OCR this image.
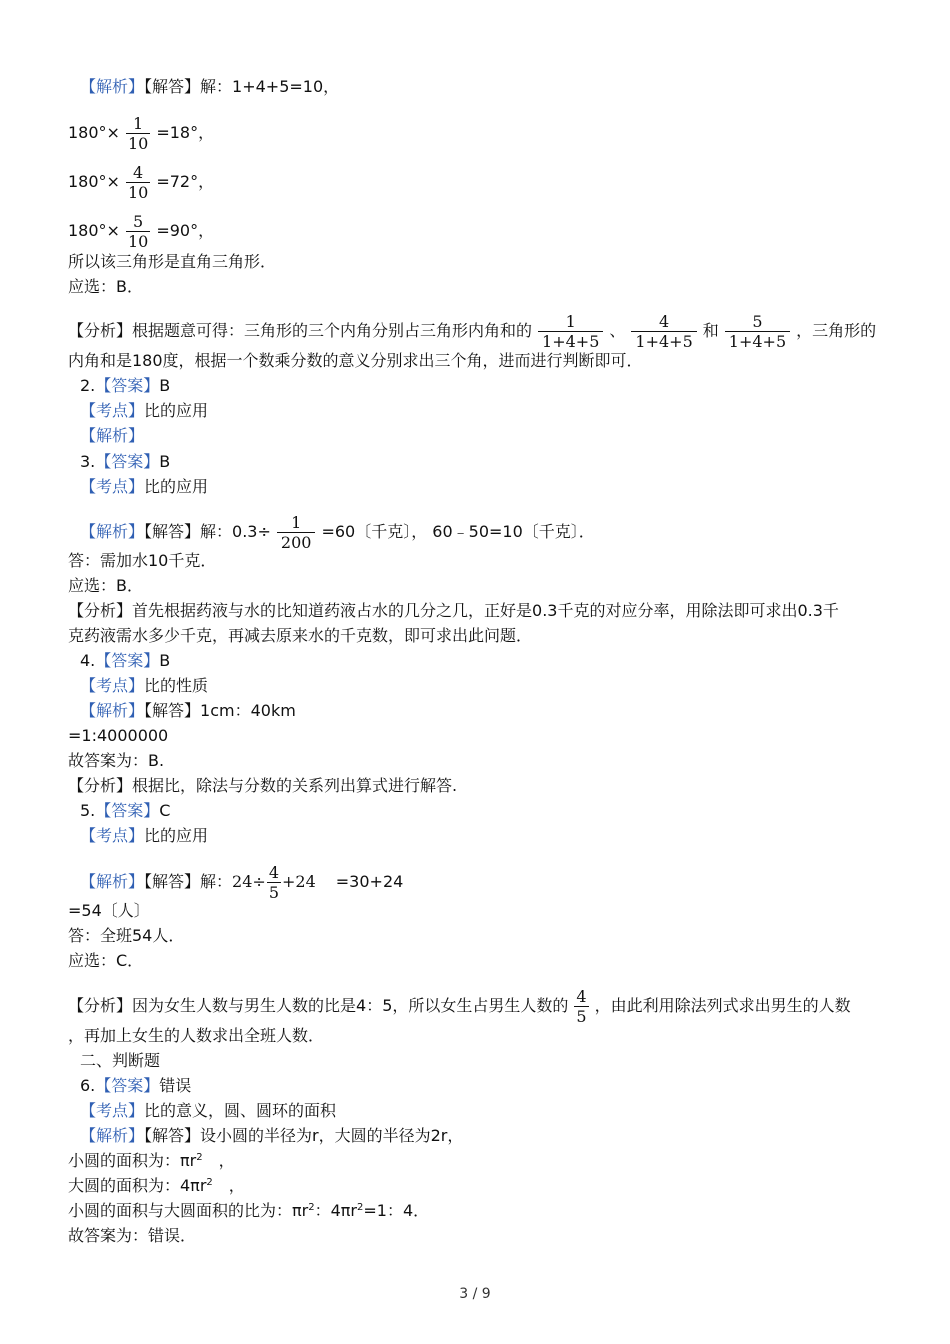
【解析】【解答】解：1+4+5=10，
$180^\circ\times \frac{1}{10} =18^\circ$，
$180^\circ\times \frac{4}{10} =72^\circ$，
$180^\circ\times \frac{5}{10} =90^\circ$，
所以该三角形是直角三角形．
应选：B．
【分析】根据题意可得：三角形的三个内角分别占三角形内角和的 $\frac{1}{1+4+5}$ 、 $\frac{4}{1+4+5}$ 和 $\frac{5}{1+4+5}$ ，三角形的
内角和是180度，根据一个数乘分数的意义分别求出三个角，进而进行判断即可．
2.【答案】B
【考点】比的应用
【解析】
3.【答案】B
【考点】比的应用
【解析】【解答】解：$0.3\div \frac{1}{200} =60$〔千克〕， 60﹣50=10〔千克〕．
答：需加水10千克．
应选：B．
【分析】首先根据药液与水的比知道药液占水的几分之几，正好是0.3千克的对应分率，用除法即可求出0.3千
克药液需水多少千克，再减去原来水的千克数，即可求出此问题．
4.【答案】B
【考点】比的性质
【解析】【解答】1cm：40km
=1:4000000
故答案为：B.
【分析】根据比，除法与分数的关系列出算式进行解答.
5.【答案】C
【考点】比的应用
【解析】【解答】解：$24\div \frac{4}{5} +24 =30+24$
=54〔人〕
答：全班54人．
应选：C．
【分析】因为女生人数与男生人数的比是4：5，所以女生占男生人数的 $\frac{4}{5}$ ，由此利用除法列式求出男生的人数
，再加上女生的人数求出全班人数．
二、判断题
6.【答案】错误
【考点】比的意义，圆、圆环的面积
【解析】【解答】设小圆的半径为r，大圆的半径为2r，
小圆的面积为：$\pi r^2$　，
大圆的面积为：$4\pi r^2$　，
小圆的面积与大圆面积的比为：$\pi r^2$：$4\pi r^2=1$：4．
故答案为：错误．
3 / 9
